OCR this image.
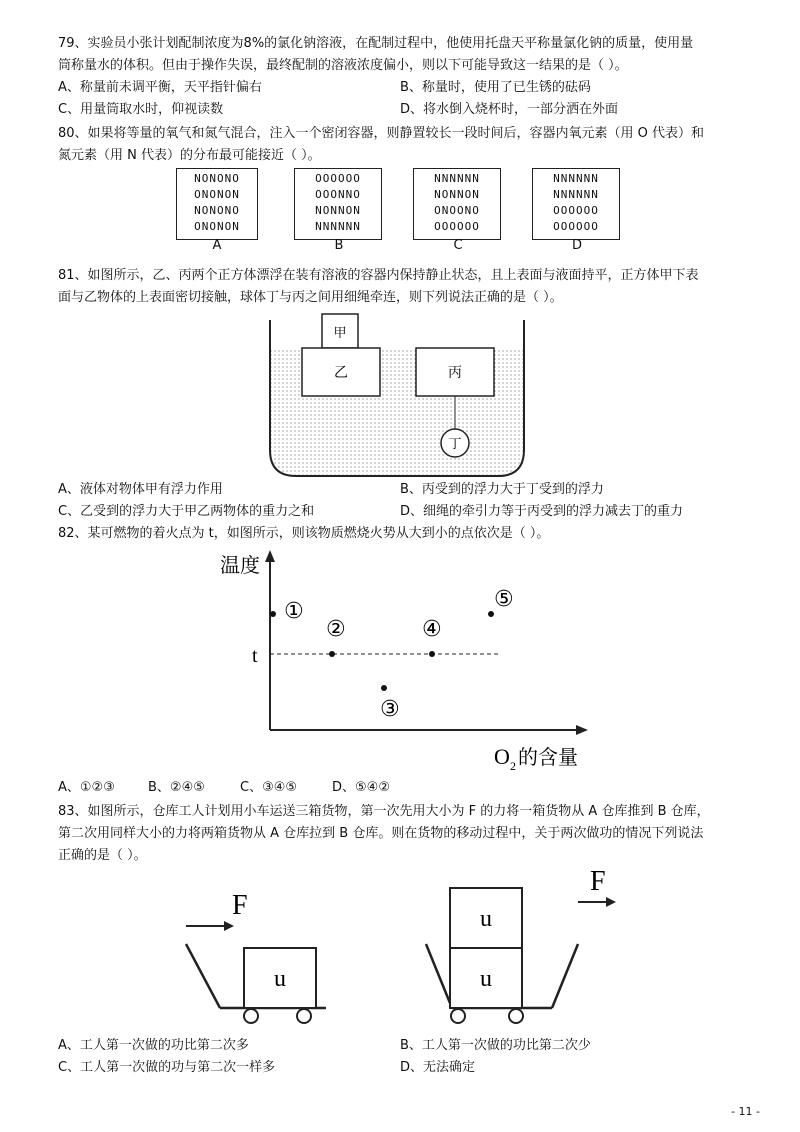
79、实验员小张计划配制浓度为8%的氯化钠溶液，在配制过程中，他使用托盘天平称量氯化钠的质量，使用量
筒称量水的体积。但由于操作失误，最终配制的溶液浓度偏小，则以下可能导致这一结果的是（ ）。
A、称量前未调平衡，天平指针偏右	B、称量时，使用了已生锈的砝码
C、用量筒取水时，仰视读数	D、将水倒入烧杯时，一部分洒在外面
80、如果将等量的氧气和氮气混合，注入一个密闭容器，则静置较长一段时间后，容器内氧元素（用 O 代表）和
氮元素（用 N 代表）的分布最可能接近（ ）。
NONONO
ONONON
NONONO
ONONON
A
OOOOOO
OOONNO
NONNON
NNNNNN
B
NNNNNN
NONNON
ONOONO
OOOOOO
C
NNNNNN
NNNNNN
OOOOOO
OOOOOO
D
81、如图所示，乙、丙两个正方体漂浮在装有溶液的容器内保持静止状态，且上表面与液面持平，正方体甲下表
面与乙物体的上表面密切接触，球体丁与丙之间用细绳牵连，则下列说法正确的是（ ）。
甲
乙	丙
丁
A、液体对物体甲有浮力作用	B、丙受到的浮力大于丁受到的浮力
C、乙受到的浮力大于甲乙两物体的重力之和	D、细绳的牵引力等于丙受到的浮力减去丁的重力
82、某可燃物的着火点为 t，如图所示，则该物质燃烧火势从大到小的点依次是（ ）。
温度
t
①
②
③
④
⑤
O 2 的含量
A、①②③	B、②④⑤	C、③④⑤	D、⑤④②
83、如图所示，仓库工人计划用小车运送三箱货物，第一次先用大小为 F 的力将一箱货物从 A 仓库推到 B 仓库，
第二次用同样大小的力将两箱货物从 A 仓库拉到 B 仓库。则在货物的移动过程中，关于两次做功的情况下列说法
正确的是（ ）。
F
u
F
u
u
A、工人第一次做的功比第二次多	B、工人第一次做的功比第二次少
C、工人第一次做的功与第二次一样多	D、无法确定
- 11 -
